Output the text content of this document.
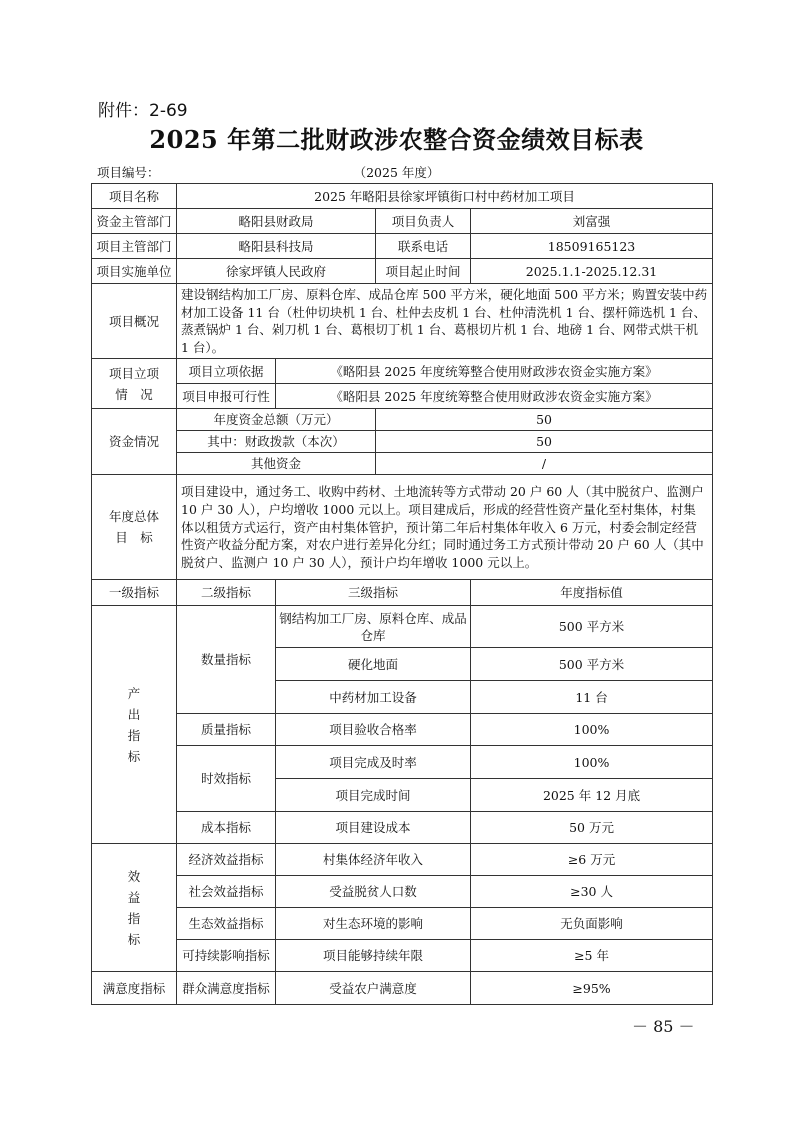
附件：2-69
2025 年第二批财政涉农整合资金绩效目标表
项目编号：	（2025 年度）
项目名称	2025 年略阳县徐家坪镇街口村中药材加工项目			
资金主管部门	略阳县财政局		项目负责人	刘富强
项目主管部门	略阳县科技局		联系电话	18509165123
项目实施单位	徐家坪镇人民政府		项目起止时间	2025.1.1-2025.12.31
项目概况	建设钢结构加工厂房、原料仓库、成品仓库 500 平方米，硬化地面 500 平方米；购置安装中药材加工设备 11 台（杜仲切块机 1 台、杜仲去皮机 1 台、杜仲清洗机 1 台、摆杆筛选机 1 台、蒸煮锅炉 1 台、剁刀机 1 台、葛根切丁机 1 台、葛根切片机 1 台、地磅 1 台、网带式烘干机 1 台）。			

项目立项
情　况	项目立项依据	《略阳县 2025 年度统筹整合使用财政涉农资金实施方案》		
	项目申报可行性	《略阳县 2025 年度统筹整合使用财政涉农资金实施方案》		
资金情况	年度资金总额（万元）		50	
	其中：财政拨款（本次）		50	
	其他资金		/	

年度总体
目　标	项目建设中，通过务工、收购中药材、土地流转等方式带动 20 户 60 人（其中脱贫户、监测户 10 户 30 人），户均增收 1000 元以上。项目建成后，形成的经营性资产量化至村集体，村集体以租赁方式运行，资产由村集体管护，预计第二年后村集体年收入 6 万元，村委会制定经营性资产收益分配方案，对农户进行差异化分红；同时通过务工方式预计带动 20 户 60 人（其中脱贫户、监测户 10 户 30 人），预计户均年增收 1000 元以上。			
一级指标	二级指标	三级指标		年度指标值

产
出
指
标	数量指标	钢结构加工厂房、原料仓库、成品仓库		500 平方米
		硬化地面		500 平方米
		中药材加工设备		11 台
	质量指标	项目验收合格率		100%
	时效指标	项目完成及时率		100%
		项目完成时间		2025 年 12 月底
	成本指标	项目建设成本		50 万元

效
益
指
标	经济效益指标	村集体经济年收入		≥6 万元
	社会效益指标	受益脱贫人口数		≥30 人
	生态效益指标	对生态环境的影响		无负面影响
	可持续影响指标	项目能够持续年限		≥5 年
满意度指标	群众满意度指标	受益农户满意度		≥95%
－ 85 －
